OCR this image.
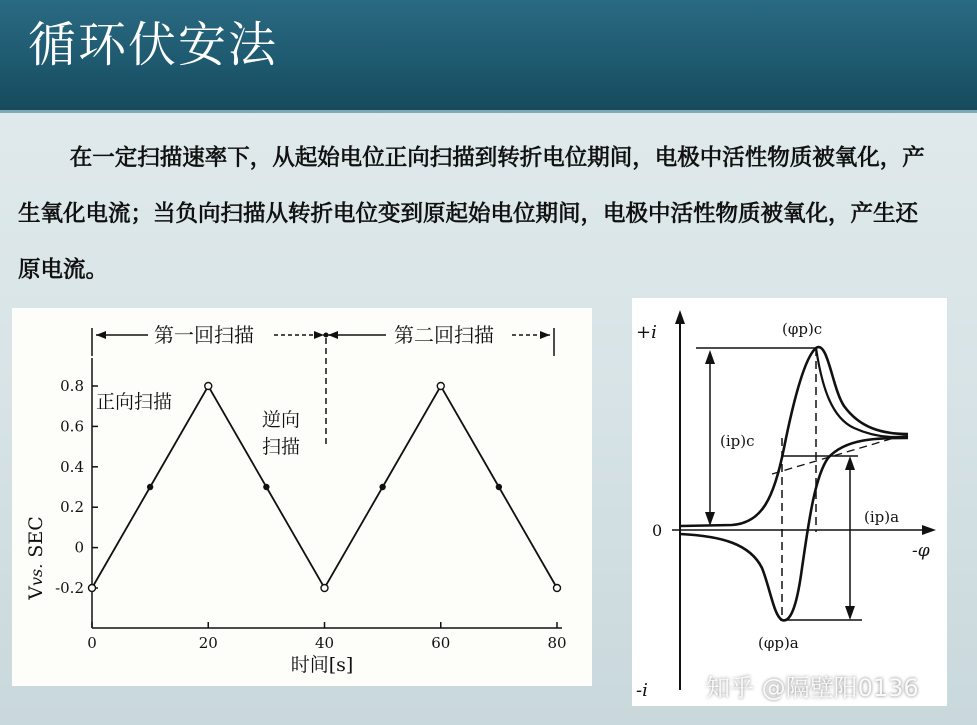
循环伏安法

在一定扫描速率下，从起始电位正向扫描到转折电位期间，电极中活性物质被氧化，产生氧化电流；当负向扫描从转折电位变到原起始电位期间，电极中活性物质被氧化，产生还原电流。

第一回扫描	第二回扫描
正向扫描
逆向
扫描
Vvs. SEC
时间[s]
0	20	40	60	80
0.8
0.6
0.4
0.2
0
-0.2
+i
-i
0
-φ
(φp)c
(φp)a
(ip)c
(ip)a
知乎 @隔壁阳0136
